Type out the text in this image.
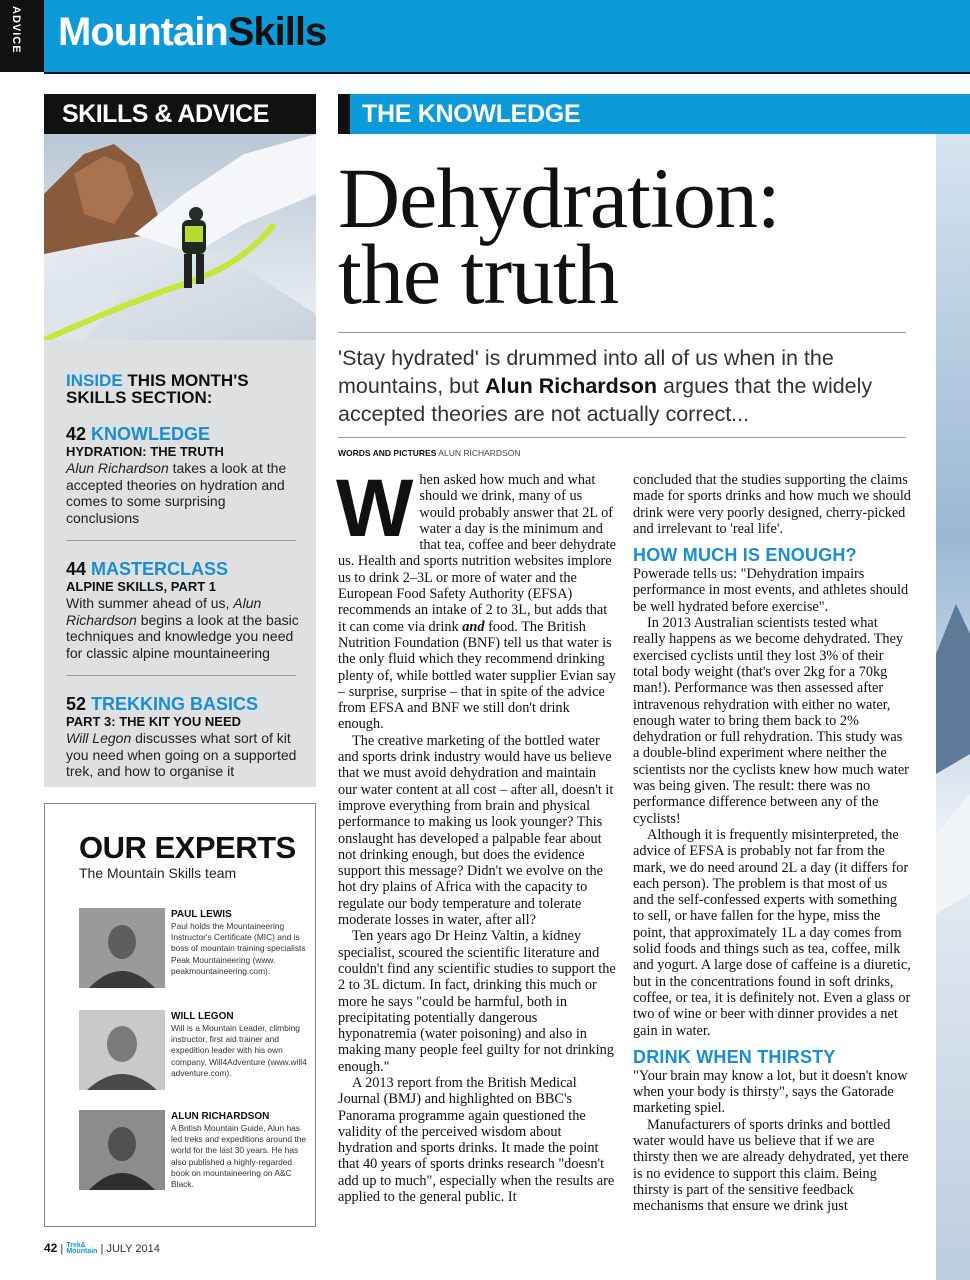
ADVICE MountainSkills
SKILLS & ADVICE
INSIDE THIS MONTH'S SKILLS SECTION:
42 KNOWLEDGE
HYDRATION: THE TRUTH
Alun Richardson takes a look at the accepted theories on hydration and comes to some surprising conclusions
44 MASTERCLASS
ALPINE SKILLS, PART 1
With summer ahead of us, Alun Richardson begins a look at the basic techniques and knowledge you need for classic alpine mountaineering
52 TREKKING BASICS
PART 3: THE KIT YOU NEED
Will Legon discusses what sort of kit you need when going on a supported trek, and how to organise it
OUR EXPERTS
The Mountain Skills team
PAUL LEWIS
Paul holds the Mountaineering Instructor's Certificate (MIC) and is boss of mountain training specialists Peak Mountaineering (www. peakmountaineering.com).
WILL LEGON
Will is a Mountain Leader, climbing instructor, first aid trainer and expedition leader with his own company, Will4Adventure (www.will4 adventure.com).
ALUN RICHARDSON
A British Mountain Guide, Alun has led treks and expeditions around the world for the last 30 years. He has also published a highly-regarded book on mountaineering on A&C Black.
42 | Trek&
Mountain | JULY 2014
THE KNOWLEDGE
Dehydration:
the truth
'Stay hydrated' is drummed into all of us when in the mountains, but Alun Richardson argues that the widely accepted theories are not actually correct...
WORDS AND PICTURES ALUN RICHARDSON

When asked how much and what should we drink, many of us would probably answer that 2L of water a day is the minimum and that tea, coffee and beer dehydrate us. Health and sports nutrition websites implore us to drink 2–3L or more of water and the European Food Safety Authority (EFSA) recommends an intake of 2 to 3L, but adds that it can come via drink and food. The British Nutrition Foundation (BNF) tell us that water is the only fluid which they recommend drinking plenty of, while bottled water supplier Evian say – surprise, surprise – that in spite of the advice from EFSA and BNF we still don't drink enough.

The creative marketing of the bottled water and sports drink industry would have us believe that we must avoid dehydration and maintain our water content at all cost – after all, doesn't it improve everything from brain and physical performance to making us look younger? This onslaught has developed a palpable fear about not drinking enough, but does the evidence support this message? Didn't we evolve on the hot dry plains of Africa with the capacity to regulate our body temperature and tolerate moderate losses in water, after all?

Ten years ago Dr Heinz Valtin, a kidney specialist, scoured the scientific literature and couldn't find any scientific studies to support the 2 to 3L dictum. In fact, drinking this much or more he says "could be harmful, both in precipitating potentially dangerous hyponatremia (water poisoning) and also in making many people feel guilty for not drinking enough."

A 2013 report from the British Medical Journal (BMJ) and highlighted on BBC's Panorama programme again questioned the validity of the perceived wisdom about hydration and sports drinks. It made the point that 40 years of sports drinks research "doesn't add up to much", especially when the results are applied to the general public. It

concluded that the studies supporting the claims made for sports drinks and how much we should drink were very poorly designed, cherry-picked and irrelevant to 'real life'.

HOW MUCH IS ENOUGH?

Powerade tells us: "Dehydration impairs performance in most events, and athletes should be well hydrated before exercise".

In 2013 Australian scientists tested what really happens as we become dehydrated. They exercised cyclists until they lost 3% of their total body weight (that's over 2kg for a 70kg man!). Performance was then assessed after intravenous rehydration with either no water, enough water to bring them back to 2% dehydration or full rehydration. This study was a double-blind experiment where neither the scientists nor the cyclists knew how much water was being given. The result: there was no performance difference between any of the cyclists!

Although it is frequently misinterpreted, the advice of EFSA is probably not far from the mark, we do need around 2L a day (it differs for each person). The problem is that most of us and the self-confessed experts with something to sell, or have fallen for the hype, miss the point, that approximately 1L a day comes from solid foods and things such as tea, coffee, milk and yogurt. A large dose of caffeine is a diuretic, but in the concentrations found in soft drinks, coffee, or tea, it is definitely not. Even a glass or two of wine or beer with dinner provides a net gain in water.

DRINK WHEN THIRSTY

"Your brain may know a lot, but it doesn't know when your body is thirsty", says the Gatorade marketing spiel.

Manufacturers of sports drinks and bottled water would have us believe that if we are thirsty then we are already dehydrated, yet there is no evidence to support this claim. Being thirsty is part of the sensitive feedback mechanisms that ensure we drink just
